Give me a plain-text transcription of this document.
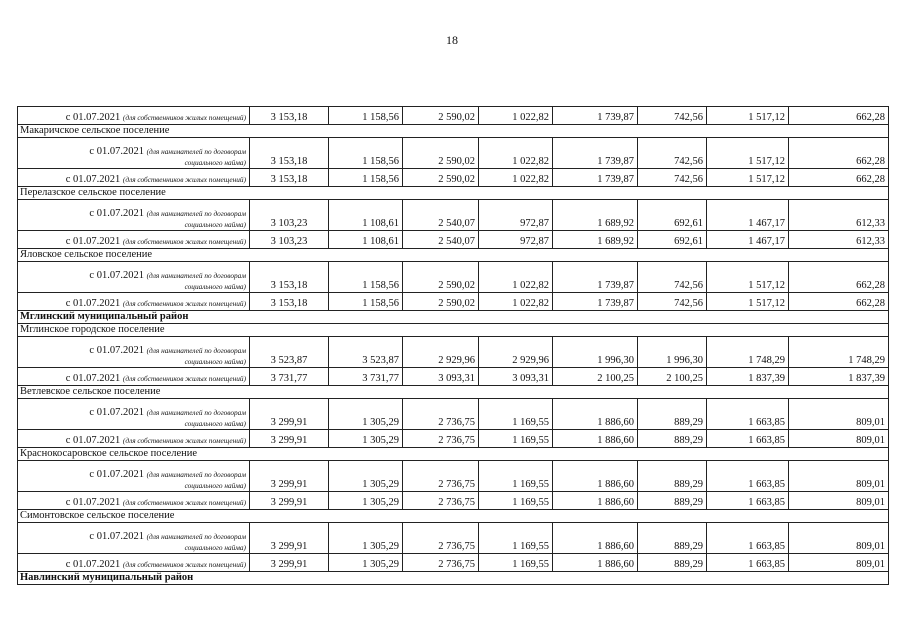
18
с 01.07.2021 (для собственников жилых помещений)	3 153,18	1 158,56	2 590,02	1 022,82	1 739,87	742,56	1 517,12	662,28
Макаричское сельское поселение								

с 01.07.2021 (для нанимателей по договорам
социального найма)	3 153,18	1 158,56	2 590,02	1 022,82	1 739,87	742,56	1 517,12	662,28
с 01.07.2021 (для собственников жилых помещений)	3 153,18	1 158,56	2 590,02	1 022,82	1 739,87	742,56	1 517,12	662,28
Перелазское сельское поселение								

с 01.07.2021 (для нанимателей по договорам
социального найма)	3 103,23	1 108,61	2 540,07	972,87	1 689,92	692,61	1 467,17	612,33
с 01.07.2021 (для собственников жилых помещений)	3 103,23	1 108,61	2 540,07	972,87	1 689,92	692,61	1 467,17	612,33
Яловское сельское поселение								

с 01.07.2021 (для нанимателей по договорам
социального найма)	3 153,18	1 158,56	2 590,02	1 022,82	1 739,87	742,56	1 517,12	662,28
с 01.07.2021 (для собственников жилых помещений)	3 153,18	1 158,56	2 590,02	1 022,82	1 739,87	742,56	1 517,12	662,28
Мглинский муниципальный район								
Мглинское городское поселение								

с 01.07.2021 (для нанимателей по договорам
социального найма)	3 523,87	3 523,87	2 929,96	2 929,96	1 996,30	1 996,30	1 748,29	1 748,29
с 01.07.2021 (для собственников жилых помещений)	3 731,77	3 731,77	3 093,31	3 093,31	2 100,25	2 100,25	1 837,39	1 837,39
Ветлевское сельское поселение								

с 01.07.2021 (для нанимателей по договорам
социального найма)	3 299,91	1 305,29	2 736,75	1 169,55	1 886,60	889,29	1 663,85	809,01
с 01.07.2021 (для собственников жилых помещений)	3 299,91	1 305,29	2 736,75	1 169,55	1 886,60	889,29	1 663,85	809,01
Краснокосаровское сельское поселение								

с 01.07.2021 (для нанимателей по договорам
социального найма)	3 299,91	1 305,29	2 736,75	1 169,55	1 886,60	889,29	1 663,85	809,01
с 01.07.2021 (для собственников жилых помещений)	3 299,91	1 305,29	2 736,75	1 169,55	1 886,60	889,29	1 663,85	809,01
Симонтовское сельское поселение								

с 01.07.2021 (для нанимателей по договорам
социального найма)	3 299,91	1 305,29	2 736,75	1 169,55	1 886,60	889,29	1 663,85	809,01
с 01.07.2021 (для собственников жилых помещений)	3 299,91	1 305,29	2 736,75	1 169,55	1 886,60	889,29	1 663,85	809,01
Навлинский муниципальный район								
